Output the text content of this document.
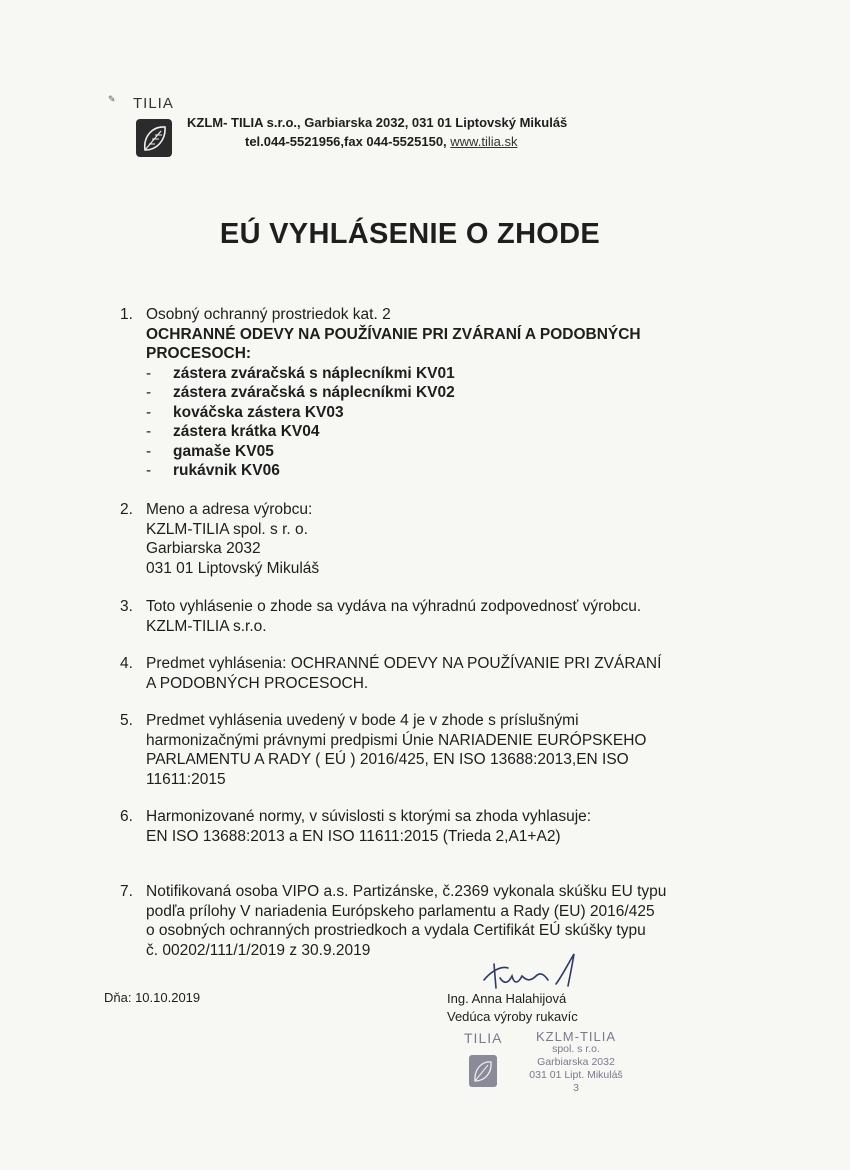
✎ TILIA
KZLM- TILIA s.r.o., Garbiarska 2032, 031 01 Liptovský Mikuláš
tel.044-5521956,fax 044-5525150, www.tilia.sk
EÚ VYHLÁSENIE O ZHODE
1. Osobný ochranný prostriedok kat. 2
OCHRANNÉ ODEVY NA POUŽÍVANIE PRI ZVÁRANÍ A PODOBNÝCH
PROCESOCH:
- zástera zváračská s náplecníkmi KV01
- zástera zváračská s náplecníkmi KV02
- kováčska zástera KV03
- zástera krátka KV04
- gamaše KV05
- rukávnik KV06
2. Meno a adresa výrobcu:
KZLM-TILIA spol. s r. o.
Garbiarska 2032
031 01 Liptovský Mikuláš
3. Toto vyhlásenie o zhode sa vydáva na výhradnú zodpovednosť výrobcu.
KZLM-TILIA s.r.o.
4. Predmet vyhlásenia: OCHRANNÉ ODEVY NA POUŽÍVANIE PRI ZVÁRANÍ
A PODOBNÝCH PROCESOCH.
5. Predmet vyhlásenia uvedený v bode 4 je v zhode s príslušnými
harmonizačnými právnymi predpismi Únie NARIADENIE EURÓPSKEHO
PARLAMENTU A RADY ( EÚ ) 2016/425, EN ISO 13688:2013,EN ISO
11611:2015
6. Harmonizované normy, v súvislosti s ktorými sa zhoda vyhlasuje:
EN ISO 13688:2013 a EN ISO 11611:2015 (Trieda 2,A1+A2)
7. Notifikovaná osoba VIPO a.s. Partizánske, č.2369 vykonala skúšku EU typu
podľa prílohy V nariadenia Európskeho parlamentu a Rady (EU) 2016/425
o osobných ochranných prostriedkoch a vydala Certifikát EÚ skúšky typu
č. 00202/111/1/2019 z 30.9.2019
Dňa: 10.10.2019	Ing. Anna Halahijová
Vedúca výroby rukavíc
TILIA	KZLM-TILIA
spol. s r.o.
Garbiarska 2032
031 01 Lipt. Mikuláš
3
